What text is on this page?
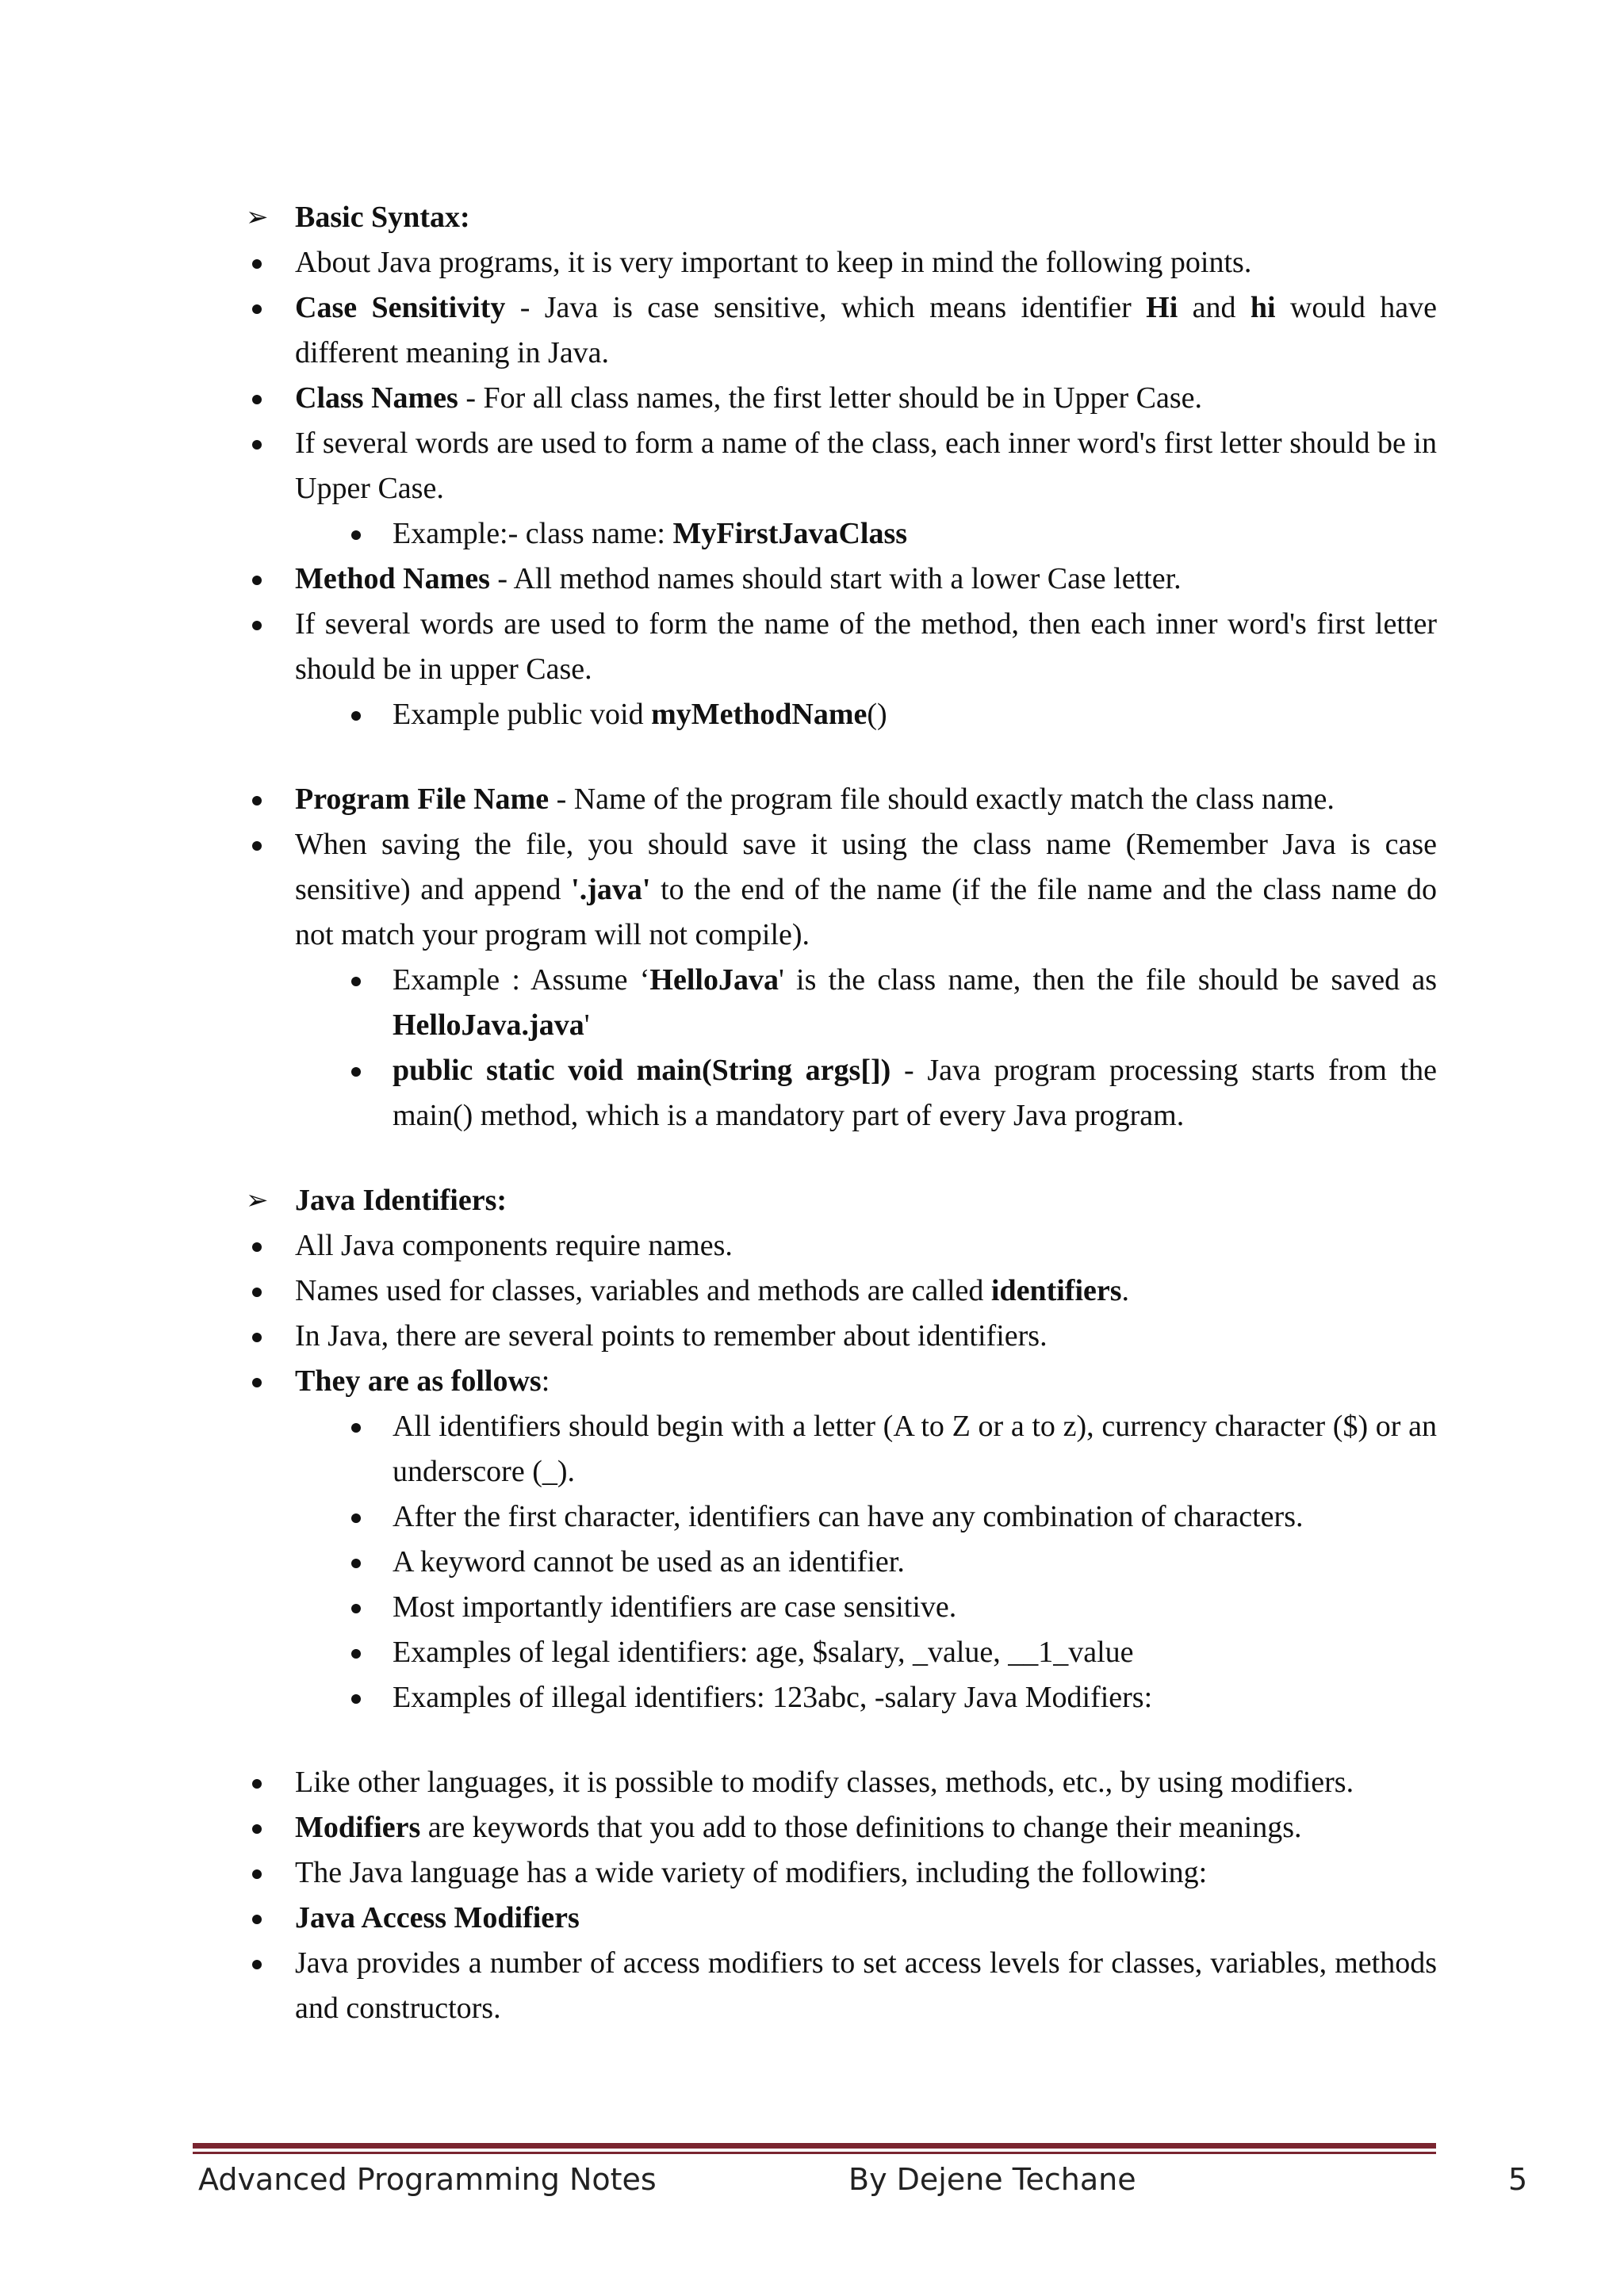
➢ Basic Syntax:
About Java programs, it is very important to keep in mind the following points.
Case Sensitivity - Java is case sensitive, which means identifier Hi and hi would have different meaning in Java.
Class Names - For all class names, the first letter should be in Upper Case.
If several words are used to form a name of the class, each inner word's first letter should be in Upper Case.
Example:- class name: MyFirstJavaClass
Method Names - All method names should start with a lower Case letter.
If several words are used to form the name of the method, then each inner word's first letter should be in upper Case.
Example public void myMethodName()
Program File Name - Name of the program file should exactly match the class name.
When saving the file, you should save it using the class name (Remember Java is case sensitive) and append '.java' to the end of the name (if the file name and the class name do not match your program will not compile).
Example : Assume ‘HelloJava' is the class name, then the file should be saved as HelloJava.java'
public static void main(String args[]) - Java program processing starts from the main() method, which is a mandatory part of every Java program.
➢ Java Identifiers:
All Java components require names.
Names used for classes, variables and methods are called identifiers.
In Java, there are several points to remember about identifiers.
They are as follows:
All identifiers should begin with a letter (A to Z or a to z), currency character ($) or an underscore (_).
After the first character, identifiers can have any combination of characters.
A keyword cannot be used as an identifier.
Most importantly identifiers are case sensitive.
Examples of legal identifiers: age, $salary, _value, __1_value
Examples of illegal identifiers: 123abc, -salary Java Modifiers:
Like other languages, it is possible to modify classes, methods, etc., by using modifiers.
Modifiers are keywords that you add to those definitions to change their meanings.
The Java language has a wide variety of modifiers, including the following:
Java Access Modifiers
Java provides a number of access modifiers to set access levels for classes, variables, methods and constructors.
Advanced Programming Notes	By Dejene Techane	5
